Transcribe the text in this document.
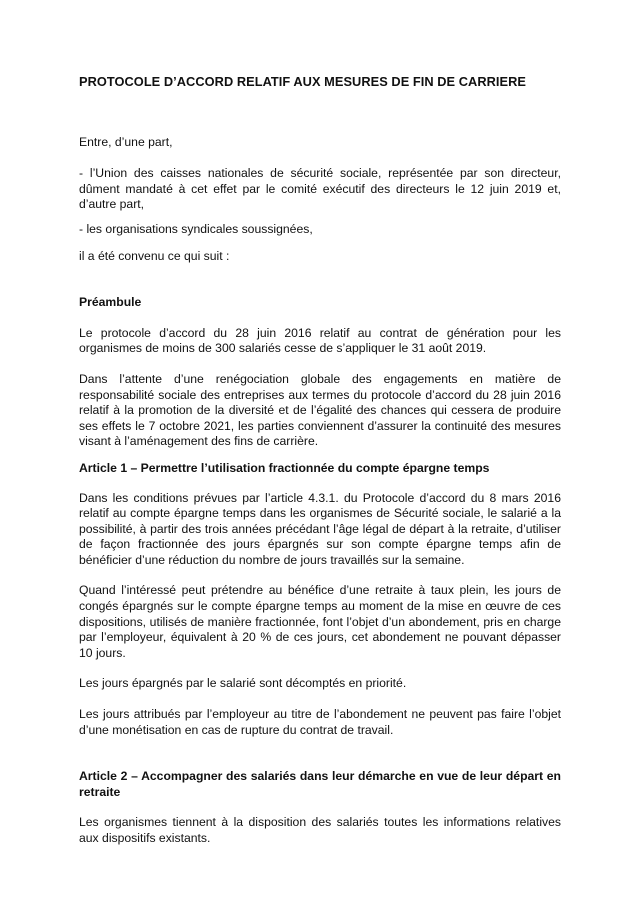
PROTOCOLE D’ACCORD RELATIF AUX MESURES DE FIN DE CARRIERE

Entre, d’une part,

- l’Union des caisses nationales de sécurité sociale, représentée par son directeur, dûment mandaté à cet effet par le comité exécutif des directeurs le 12 juin 2019 et, d’autre part,

- les organisations syndicales soussignées,

il a été convenu ce qui suit :

Préambule

Le protocole d’accord du 28 juin 2016 relatif au contrat de génération pour les organismes de moins de 300 salariés cesse de s’appliquer le 31 août 2019.

Dans l’attente d’une renégociation globale des engagements en matière de responsabilité sociale des entreprises aux termes du protocole d’accord du 28 juin 2016 relatif à la promotion de la diversité et de l’égalité des chances qui cessera de produire ses effets le 7 octobre 2021, les parties conviennent d’assurer la continuité des mesures visant à l’aménagement des fins de carrière.

Article 1 – Permettre l’utilisation fractionnée du compte épargne temps

Dans les conditions prévues par l’article 4.3.1. du Protocole d’accord du 8 mars 2016 relatif au compte épargne temps dans les organismes de Sécurité sociale, le salarié a la possibilité, à partir des trois années précédant l’âge légal de départ à la retraite, d’utiliser de façon fractionnée des jours épargnés sur son compte épargne temps afin de bénéficier d’une réduction du nombre de jours travaillés sur la semaine.

Quand l’intéressé peut prétendre au bénéfice d’une retraite à taux plein, les jours de congés épargnés sur le compte épargne temps au moment de la mise en œuvre de ces dispositions, utilisés de manière fractionnée, font l’objet d’un abondement, pris en charge par l’employeur, équivalent à 20 % de ces jours, cet abondement ne pouvant dépasser 10 jours.

Les jours épargnés par le salarié sont décomptés en priorité.

Les jours attribués par l’employeur au titre de l’abondement ne peuvent pas faire l’objet d’une monétisation en cas de rupture du contrat de travail.

Article 2 – Accompagner des salariés dans leur démarche en vue de leur départ en retraite

Les organismes tiennent à la disposition des salariés toutes les informations relatives aux dispositifs existants.
